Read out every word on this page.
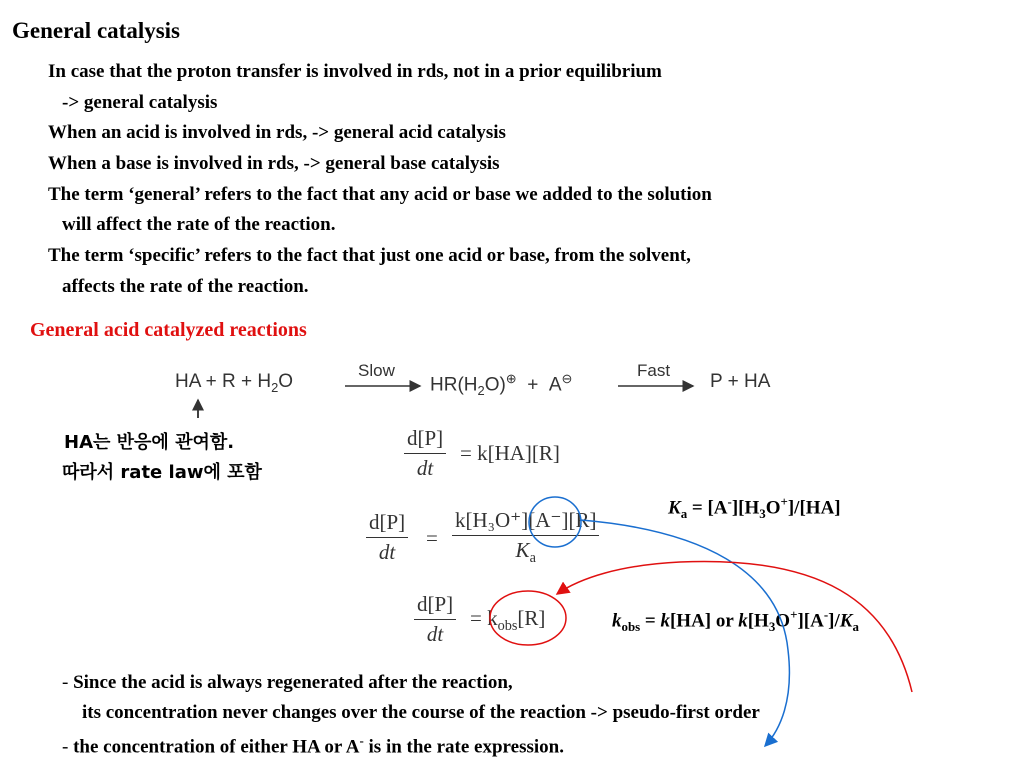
General catalysis
In case that the proton transfer is involved in rds, not in a prior equilibrium
-> general catalysis
When an acid is involved in rds, -> general acid catalysis
When a base is involved in rds, -> general base catalysis
The term ‘general’ refers to the fact that any acid or base we added to the solution
will affect the rate of the reaction.
The term ‘specific’ refers to the fact that just one acid or base, from the solvent,
affects the rate of the reaction.
General acid catalyzed reactions
HA + $R + H_2O$
Slow
$HR(H_2O)^\oplus + A^⊖$	Fast
P + HA
HA는 반응에 관여함.
따라서 rate law에 포함
d[P]
dt
= k[HA][R]
$K_a = [A^-][H_3O^+]/[HA]$
d[P]
dt
=
k[H₃O⁺][A⁻][R]
$K_a$
d[P]
dt
= $k_{obs}[R]$	$k_{obs} = k[HA]$ or $k[H_3O^+][A^-]/K_a$
- Since the acid is always regenerated after the reaction,
its concentration never changes over the course of the reaction -> pseudo-first order
- the concentration of either HA or A- is in the rate expression.
